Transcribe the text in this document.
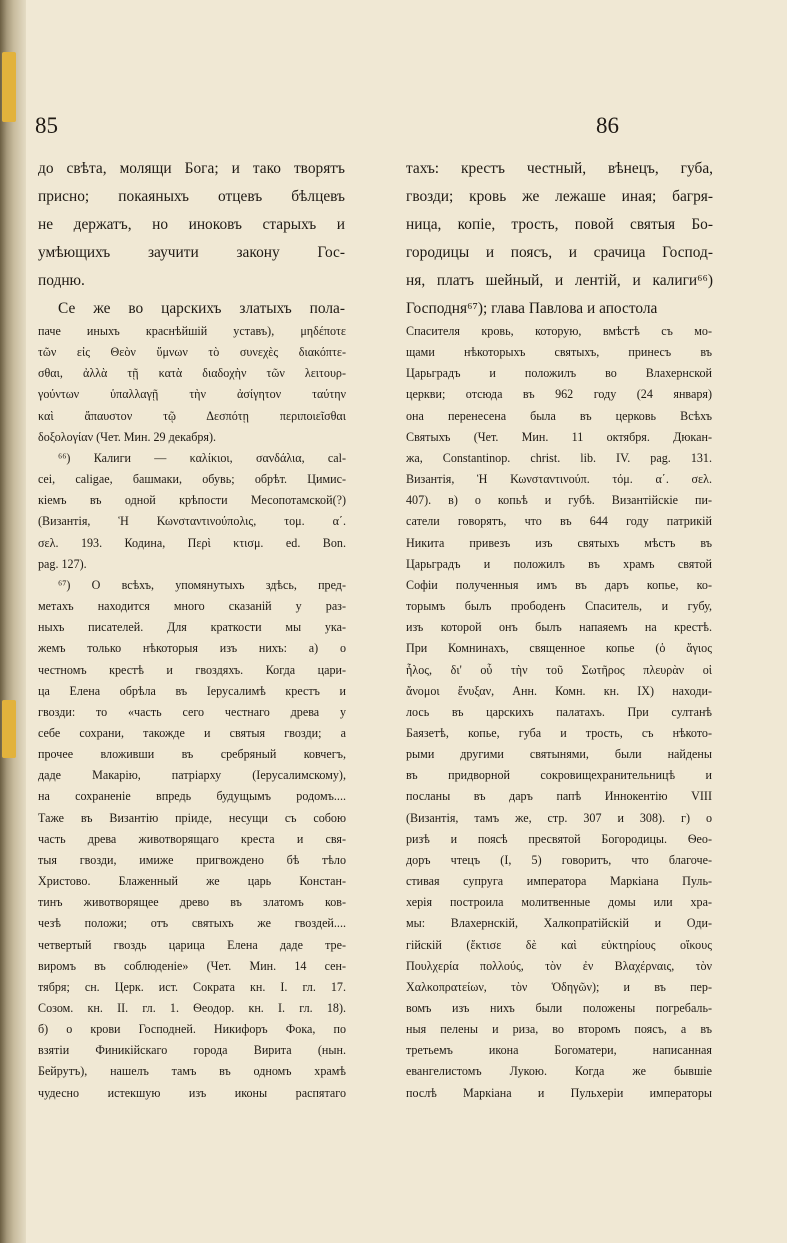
85	86

до свѣта, молящи Бога; и тако творятъ

присно; покаяныхъ отцевъ бѣлцевъ

не держатъ, но иноковъ старыхъ и

умѣющихъ заучити закону Гос-

подню.

Се же во царскихъ златыхъ пола-

тахъ: крестъ честный, вѣнецъ, губа,

гвозди; кровь же лежаше иная; багря-

ница, копіе, трость, повой святыя Бо-

городицы и поясъ, и срачица Господ-

ня, платъ шейный, и лентій, и калиги⁶⁶)

Господня⁶⁷); глава Павлова и апостола

паче иныхъ краснѣйшій уставъ), μηδέποτε

τῶν εἰς Θεὸν ὕμνων τὸ συνεχὲς διακόπτε-

σθαι, ἀλλὰ τῇ κατὰ διαδοχὴν τῶν λειτουρ-

γούντων ὑπαλλαγῇ τὴν ἀσίγητον ταύτην

καὶ ἄπαυστον τῷ Δεσπότῃ περιποιεῖσθαι

δοξολογίαν (Чет. Мин. 29 декабря).

⁶⁶) Калиги — καλίκιοι, σανδάλια, cal-

cei, caligae, башмаки, обувь; обрѣт. Цимис-

кіемъ въ одной крѣпости Месопотамской(?)

(Византія, Ἡ Κωνσταντινούπολις, τομ. α΄.

σελ. 193. Кодина, Περὶ κτισμ. ed. Bon.

pag. 127).

⁶⁷) О всѣхъ, упомянутыхъ здѣсь, пред-

метахъ находится много сказаній у раз-

ныхъ писателей. Для краткости мы ука-

жемъ только нѣкоторыя изъ нихъ: а) о

честномъ крестѣ и гвоздяхъ. Когда цари-

ца Елена обрѣла въ Іерусалимѣ крестъ и

гвозди: то «часть сего честнаго древа у

себе сохрани, такожде и святыя гвозди; а

прочее вложивши въ сребряный ковчегъ,

даде Макарію, патріарху (Іерусалимскому),

на сохраненіе впредь будущымъ родомъ....

Таже въ Византію пріиде, несущи съ собою

часть древа животворящаго креста и свя-

тыя гвозди, имиже пригвождено бѣ тѣло

Христово. Блаженный же царь Констан-

тинъ животворящее древо въ златомъ ков-

чезѣ положи; отъ святыхъ же гвоздей....

четвертый гвоздь царица Елена даде тре-

виромъ въ соблюденіе» (Чет. Мин. 14 сен-

тября; сн. Церк. ист. Сократа кн. I. гл. 17.

Созом. кн. II. гл. 1. Ѳеодор. кн. I. гл. 18).

б) о крови Господней. Никифоръ Фока, по

взятіи Финикійскаго города Вирита (нын.

Бейрутъ), нашелъ тамъ въ одномъ храмѣ

чудесно истекшую изъ иконы распятаго

Спасителя кровь, которую, вмѣстѣ съ мо-

щами нѣкоторыхъ святыхъ, принесъ въ

Царьградъ и положилъ во Влахернской

церкви; отсюда въ 962 году (24 января)

она перенесена была въ церковь Всѣхъ

Святыхъ (Чет. Мин. 11 октября. Дюкан-

жа, Constantinop. christ. lib. IV. pag. 131.

Византія, Ἡ Κωνσταντινούπ. τόμ. α΄. σελ.

407). в) о копьѣ и губѣ. Византійскіе пи-

сатели говорятъ, что въ 644 году патрикій

Никита привезъ изъ святыхъ мѣстъ въ

Царьградъ и положилъ въ храмъ святой

Софіи полученныя имъ въ даръ копье, ко-

торымъ былъ прободенъ Спаситель, и губу,

изъ которой онъ былъ напаяемъ на крестѣ.

При Комнинахъ, священное копье (ὁ ἅγιος

ἧλος, δι' οὗ τὴν τοῦ Σωτῆρος πλευρὰν οἱ

ἄνομοι ἔνυξαν, Анн. Комн. кн. IX) находи-

лось въ царскихъ палатахъ. При султанѣ

Баязетѣ, копье, губа и трость, съ нѣкото-

рыми другими святынями, были найдены

въ придворной сокровищехранительницѣ и

посланы въ даръ папѣ Иннокентію VIII

(Византія, тамъ же, стр. 307 и 308). г) о

ризѣ и поясѣ пресвятой Богородицы. Ѳео-

доръ чтецъ (I, 5) говоритъ, что благоче-

стивая супруга императора Маркіана Пуль-

херія построила молитвенные домы или хра-

мы: Влахернскій, Халкопратійскій и Оди-

гійскій (ἔκτισε δὲ καὶ εὐκτηρίους οἴκους

Πουλχερία πολλούς, τὸν ἐν Βλαχέρναις, τὸν

Χαλκοπρατείων, τὸν Ὁδηγῶν); и въ пер-

вомъ изъ нихъ были положены погребаль-

ныя пелены и риза, во второмъ поясъ, а въ

третьемъ икона Богоматери, написанная

евангелистомъ Лукою. Когда же бывшіе

послѣ Маркіана и Пульхеріи императоры
